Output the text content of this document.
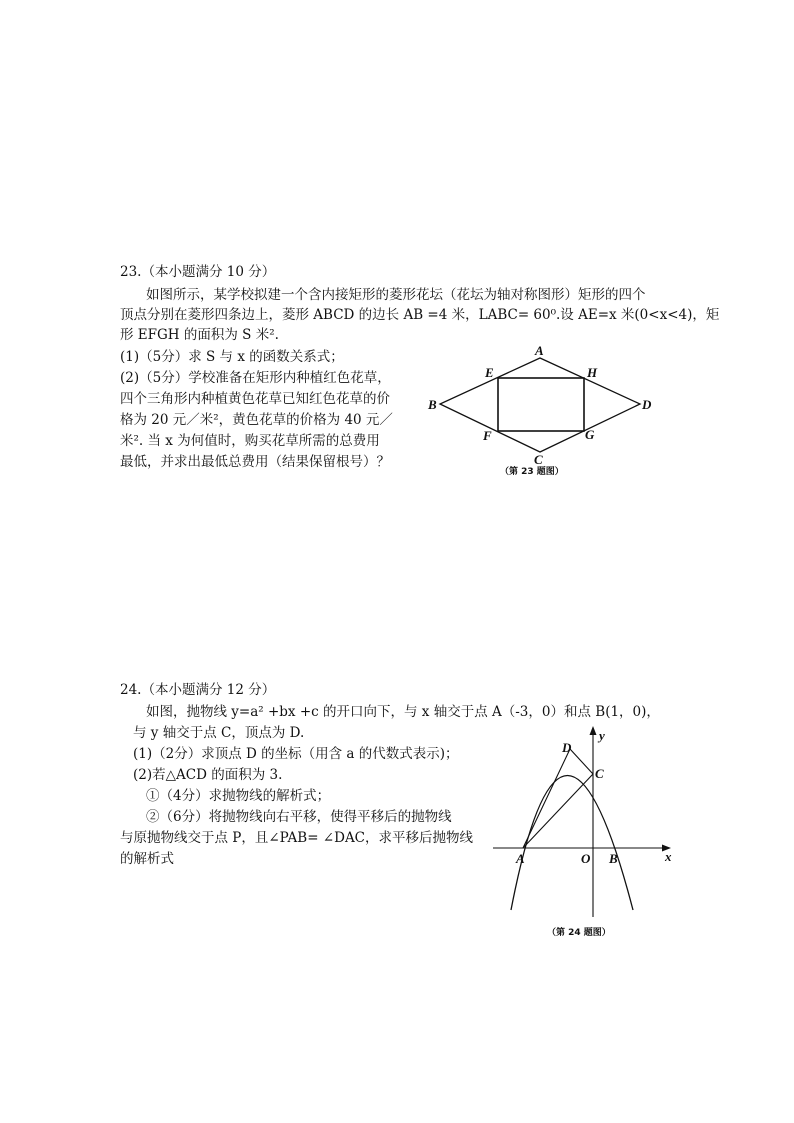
23.（本小题满分 10 分）
如图所示，某学校拟建一个含内接矩形的菱形花坛（花坛为轴对称图形）矩形的四个
顶点分别在菱形四条边上，菱形 ABCD 的边长 AB =4 米，LABC= 60⁰.设 AE=x 米(0<x<4)，矩
形 EFGH 的面积为 S 米².
(1)（5分）求 S 与 x 的函数关系式；
(2)（5分）学校准备在矩形内种植红色花草，
四个三角形内种植黄色花草已知红色花草的价
格为 20 元／米²，黄色花草的价格为 40 元／
米². 当 x 为何值时，购买花草所需的总费用
最低，并求出最低总费用（结果保留根号）？
A
B
C
D
E
F	G
H
（第 23 题图）
24.（本小题满分 12 分）
如图，抛物线 y=a² +bx +c 的开口向下，与 x 轴交于点 A（-3，0）和点 B(1，0)，
与 y 轴交于点 C，顶点为 D.
(1)（2分）求顶点 D 的坐标（用含 a 的代数式表示)；
(2)若△ACD 的面积为 3.
①（4分）求抛物线的解析式；
②（6分）将抛物线向右平移，使得平移后的抛物线
与原抛物线交于点 P，且∠PAB= ∠DAC，求平移后抛物线
的解析式
y
x
D
C
A	O B
（第 24 题图）
